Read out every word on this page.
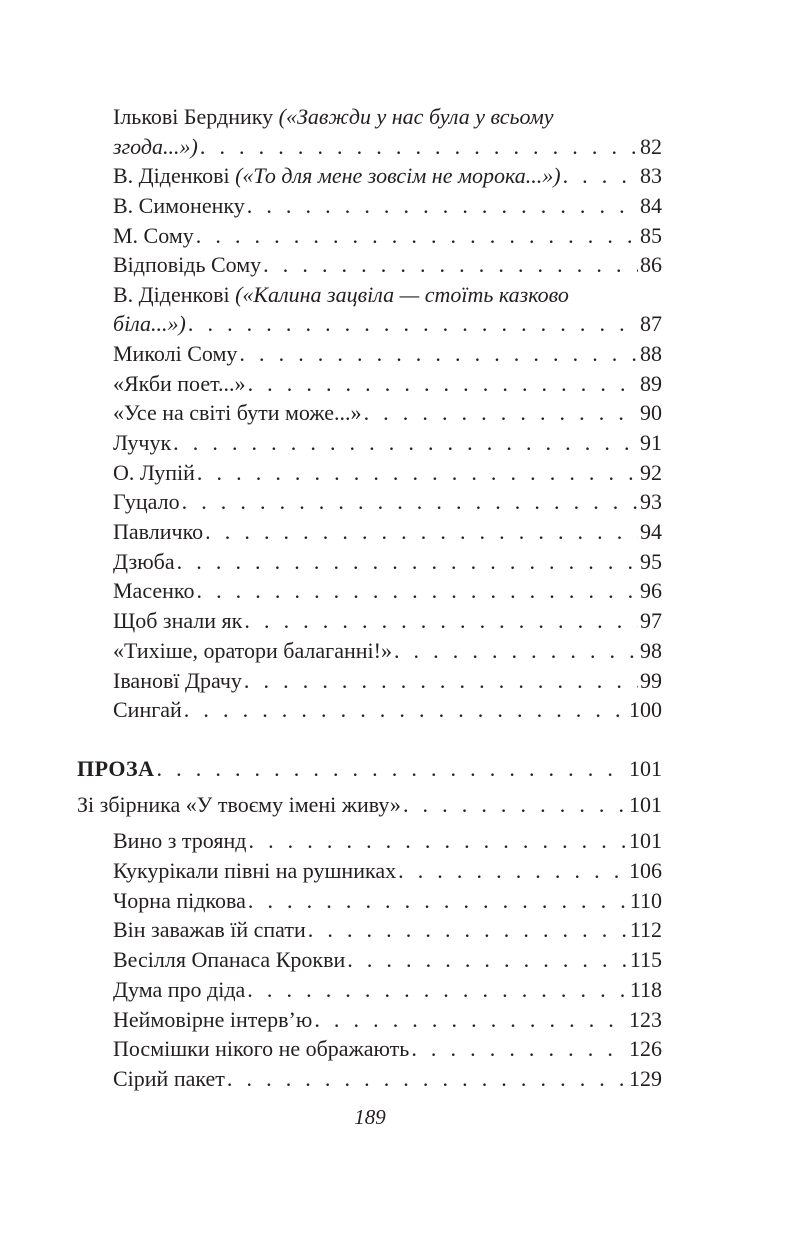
Ількові Берднику («Завжди у нас була у всьому
згода...») . . .	82
В. Діденкові («То для мене зовсім не морока...») . . .	83
В. Симоненку . . .	84
М. Сому . . .	85
Відповідь Сому . . .	86
В. Діденкові («Калина зацвіла — стоїть казково
біла...») . . .	87
Миколі Сому . . .	88
«Якби поет...» . . .	89
«Усе на світі бути може...» . . .	90
Лучук . . .	91
О. Лупій . . .	92
Гуцало . . .	93
Павличко . . .	94
Дзюба . . .	95
Масенко . . .	96
Щоб знали як . . .	97
«Тихіше, оратори балаганні!» . . .	98
Івановї Драчу . . .	99
Сингай . . .	100
ПРОЗА . . .	101
Зі збірника «У твоєму імені живу» . . .	101
Вино з троянд . . .	101
Кукурікали півні на рушниках . . .	106
Чорна підкова . . .	110
Він заважав їй спати . . .	112
Весілля Опанаса Крокви . . .	115
Дума про діда . . .	118
Неймовірне інтерв’ю . . .	123
Посмішки нікого не ображають . . .	126
Сірий пакет . . .	129
189
